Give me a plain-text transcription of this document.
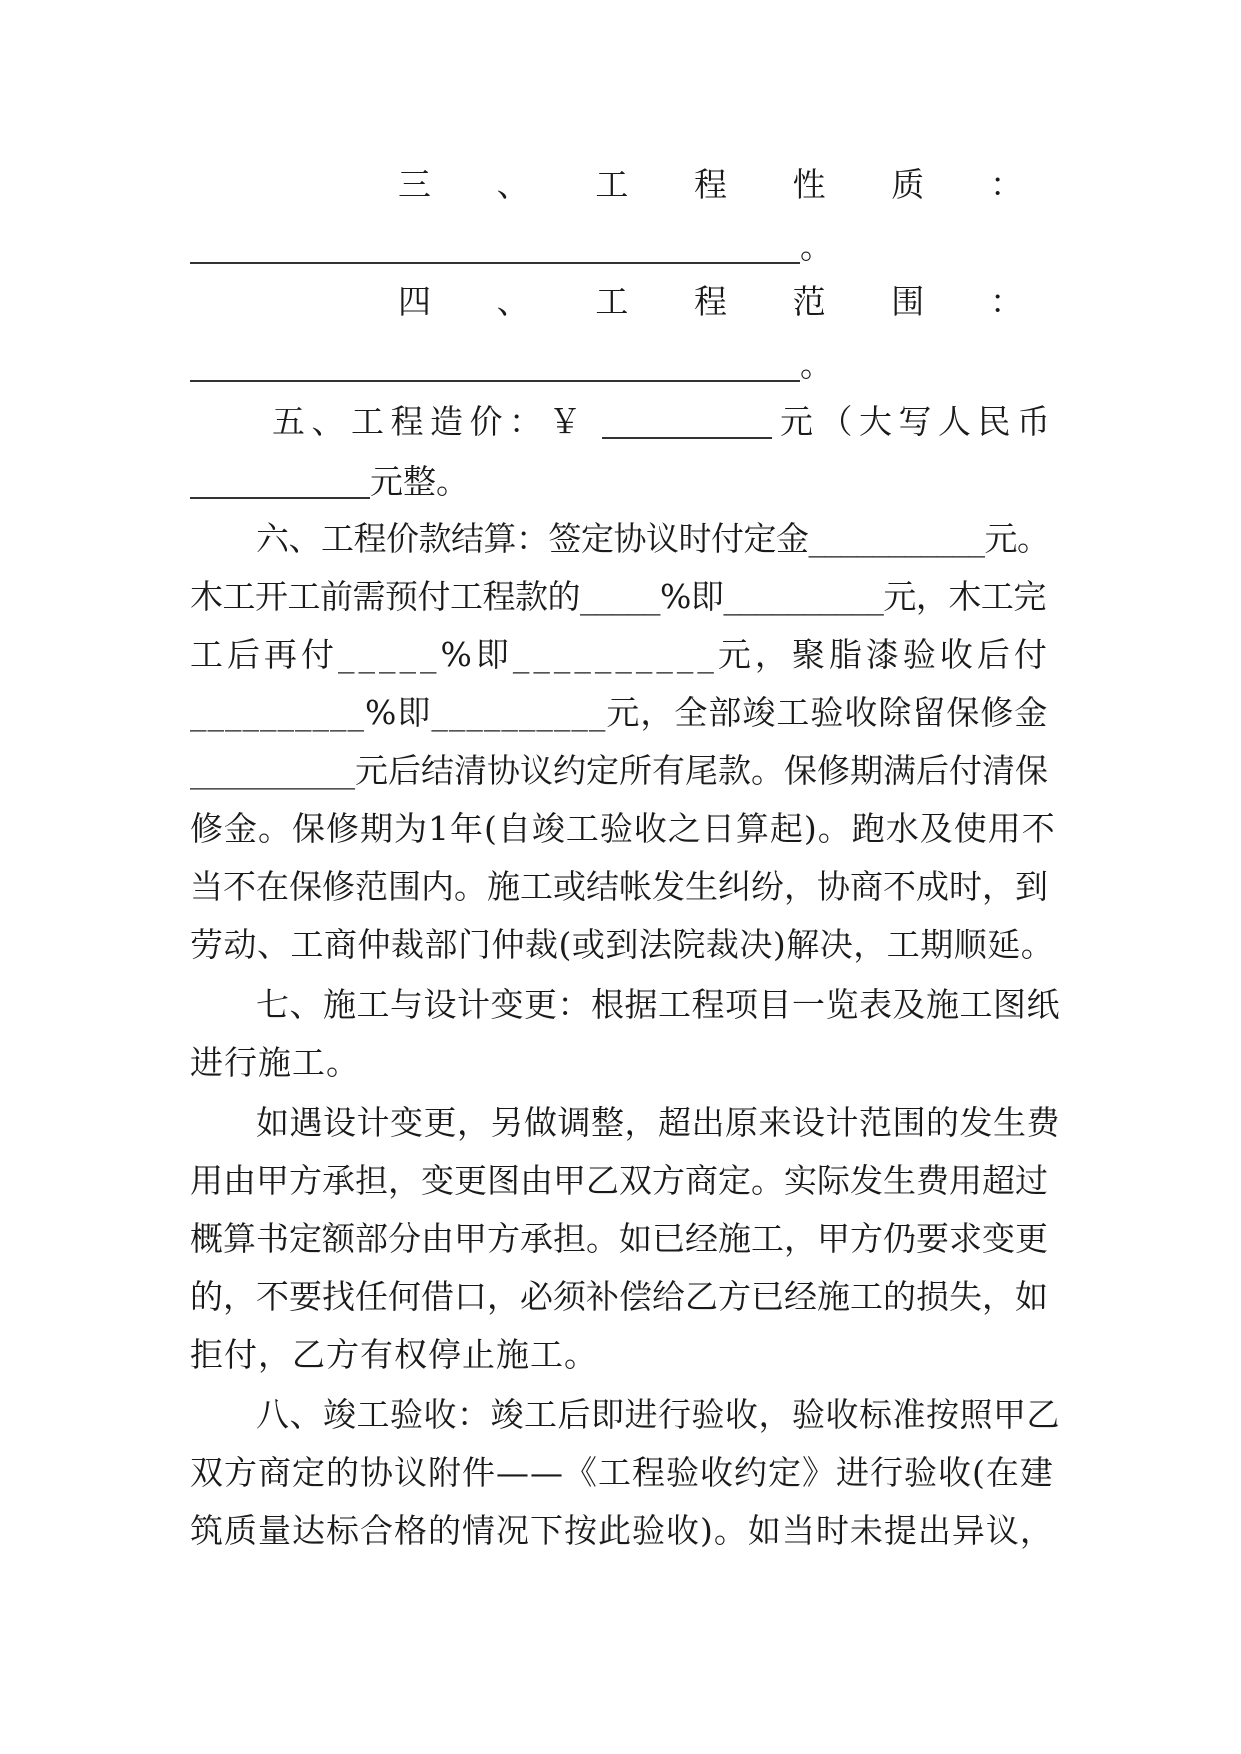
三 、 工 程 性 质 ：
。
四 、 工 程 范 围 ：
。
五、工程造价：￥	元（大写人民币
元整。
六、工程价款结算：签定协议时付定金___________元。
木工开工前需预付工程款的_____%即__________元，木工完
工后再付_____%即__________元，聚脂漆验收后付
__________%即__________元，全部竣工验收除留保修金
__________元后结清协议约定所有尾款。保修期满后付清保
修金。保修期为1年(自竣工验收之日算起)。跑水及使用不
当不在保修范围内。施工或结帐发生纠纷，协商不成时，到
劳动、工商仲裁部门仲裁(或到法院裁决)解决，工期顺延。
七、施工与设计变更：根据工程项目一览表及施工图纸
进行施工。
如遇设计变更，另做调整，超出原来设计范围的发生费
用由甲方承担，变更图由甲乙双方商定。实际发生费用超过
概算书定额部分由甲方承担。如已经施工，甲方仍要求变更
的，不要找任何借口，必须补偿给乙方已经施工的损失，如
拒付，乙方有权停止施工。
八、竣工验收：竣工后即进行验收，验收标准按照甲乙
双方商定的协议附件——《工程验收约定》进行验收(在建
筑质量达标合格的情况下按此验收)。如当时未提出异议，
